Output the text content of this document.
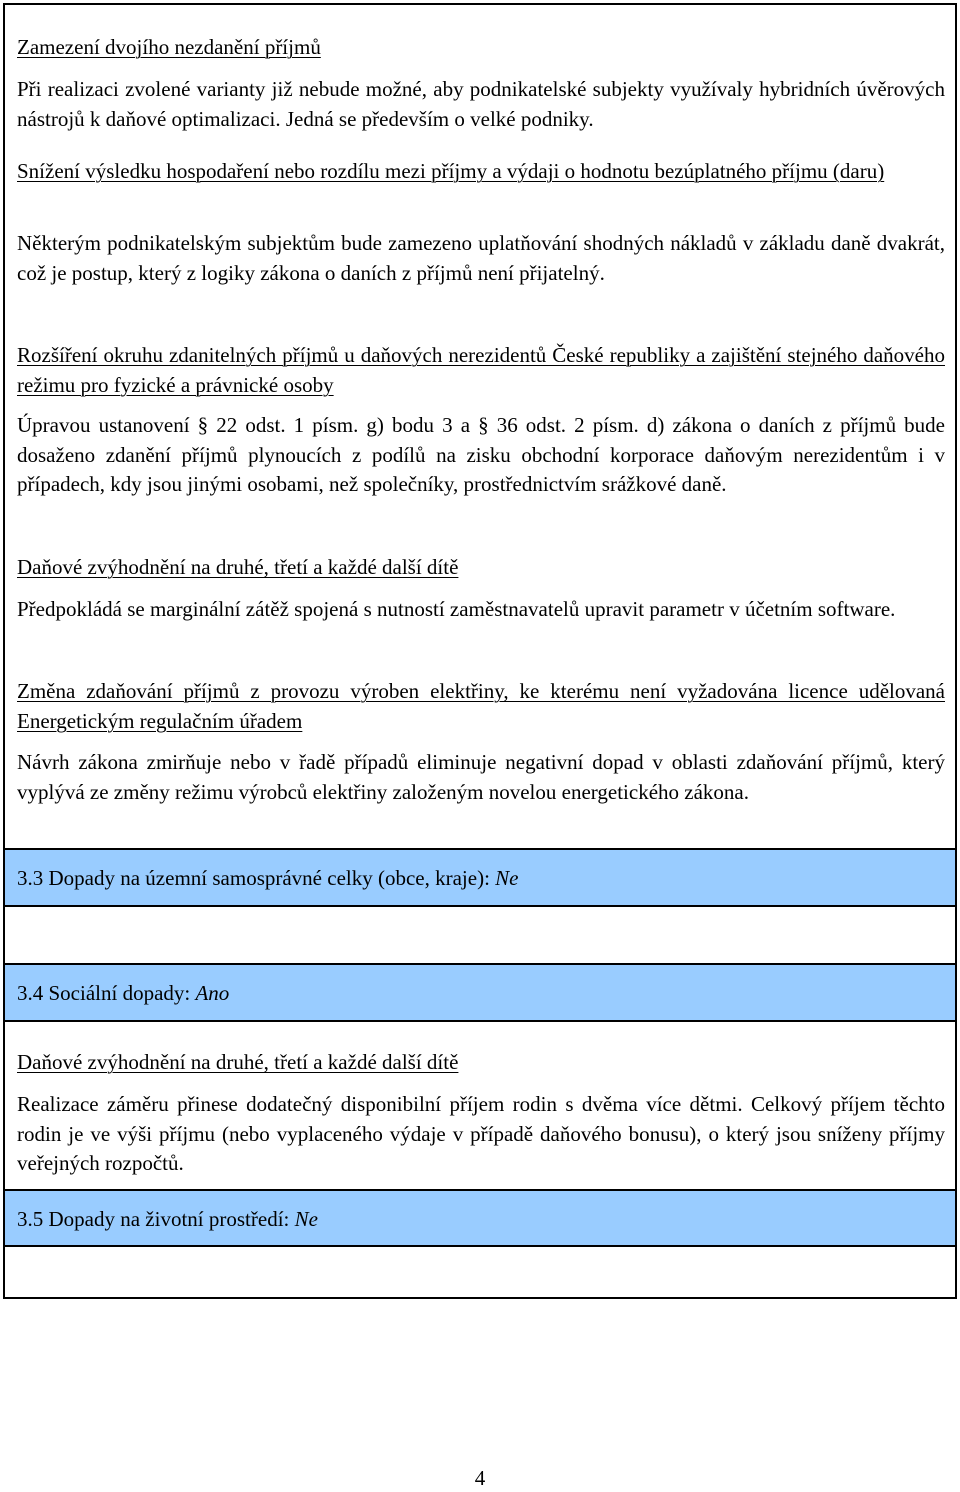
Zamezení dvojího nezdanění příjmů
Při realizaci zvolené varianty již nebude možné, aby podnikatelské subjekty využívaly hybridních úvěrových nástrojů k daňové optimalizaci. Jedná se především o velké podniky.
Snížení výsledku hospodaření nebo rozdílu mezi příjmy a výdaji o hodnotu bezúplatného příjmu (daru)
Některým podnikatelským subjektům bude zamezeno uplatňování shodných nákladů v základu daně dvakrát, což je postup, který z logiky zákona o daních z příjmů není přijatelný.
Rozšíření okruhu zdanitelných příjmů u daňových nerezidentů České republiky a zajištění stejného daňového režimu pro fyzické a právnické osoby
Úpravou ustanovení § 22 odst. 1 písm. g) bodu 3 a § 36 odst. 2 písm. d) zákona o daních z příjmů bude dosaženo zdanění příjmů plynoucích z podílů na zisku obchodní korporace daňovým nerezidentům i v případech, kdy jsou jinými osobami, než společníky, prostřednictvím srážkové daně.
Daňové zvýhodnění na druhé, třetí a každé další dítě
Předpokládá se marginální zátěž spojená s nutností zaměstnavatelů upravit parametr v účetním software.
Změna zdaňování příjmů z provozu výroben elektřiny, ke kterému není vyžadována licence udělovaná Energetickým regulačním úřadem
Návrh zákona zmirňuje nebo v řadě případů eliminuje negativní dopad v oblasti zdaňování příjmů, který vyplývá ze změny režimu výrobců elektřiny založeným novelou energetického zákona.
3.3 Dopady na územní samosprávné celky (obce, kraje): Ne
3.4 Sociální dopady: Ano
Daňové zvýhodnění na druhé, třetí a každé další dítě
Realizace záměru přinese dodatečný disponibilní příjem rodin s dvěma více dětmi. Celkový příjem těchto rodin je ve výši příjmu (nebo vyplaceného výdaje v případě daňového bonusu), o který jsou sníženy příjmy veřejných rozpočtů.
3.5 Dopady na životní prostředí: Ne
4
